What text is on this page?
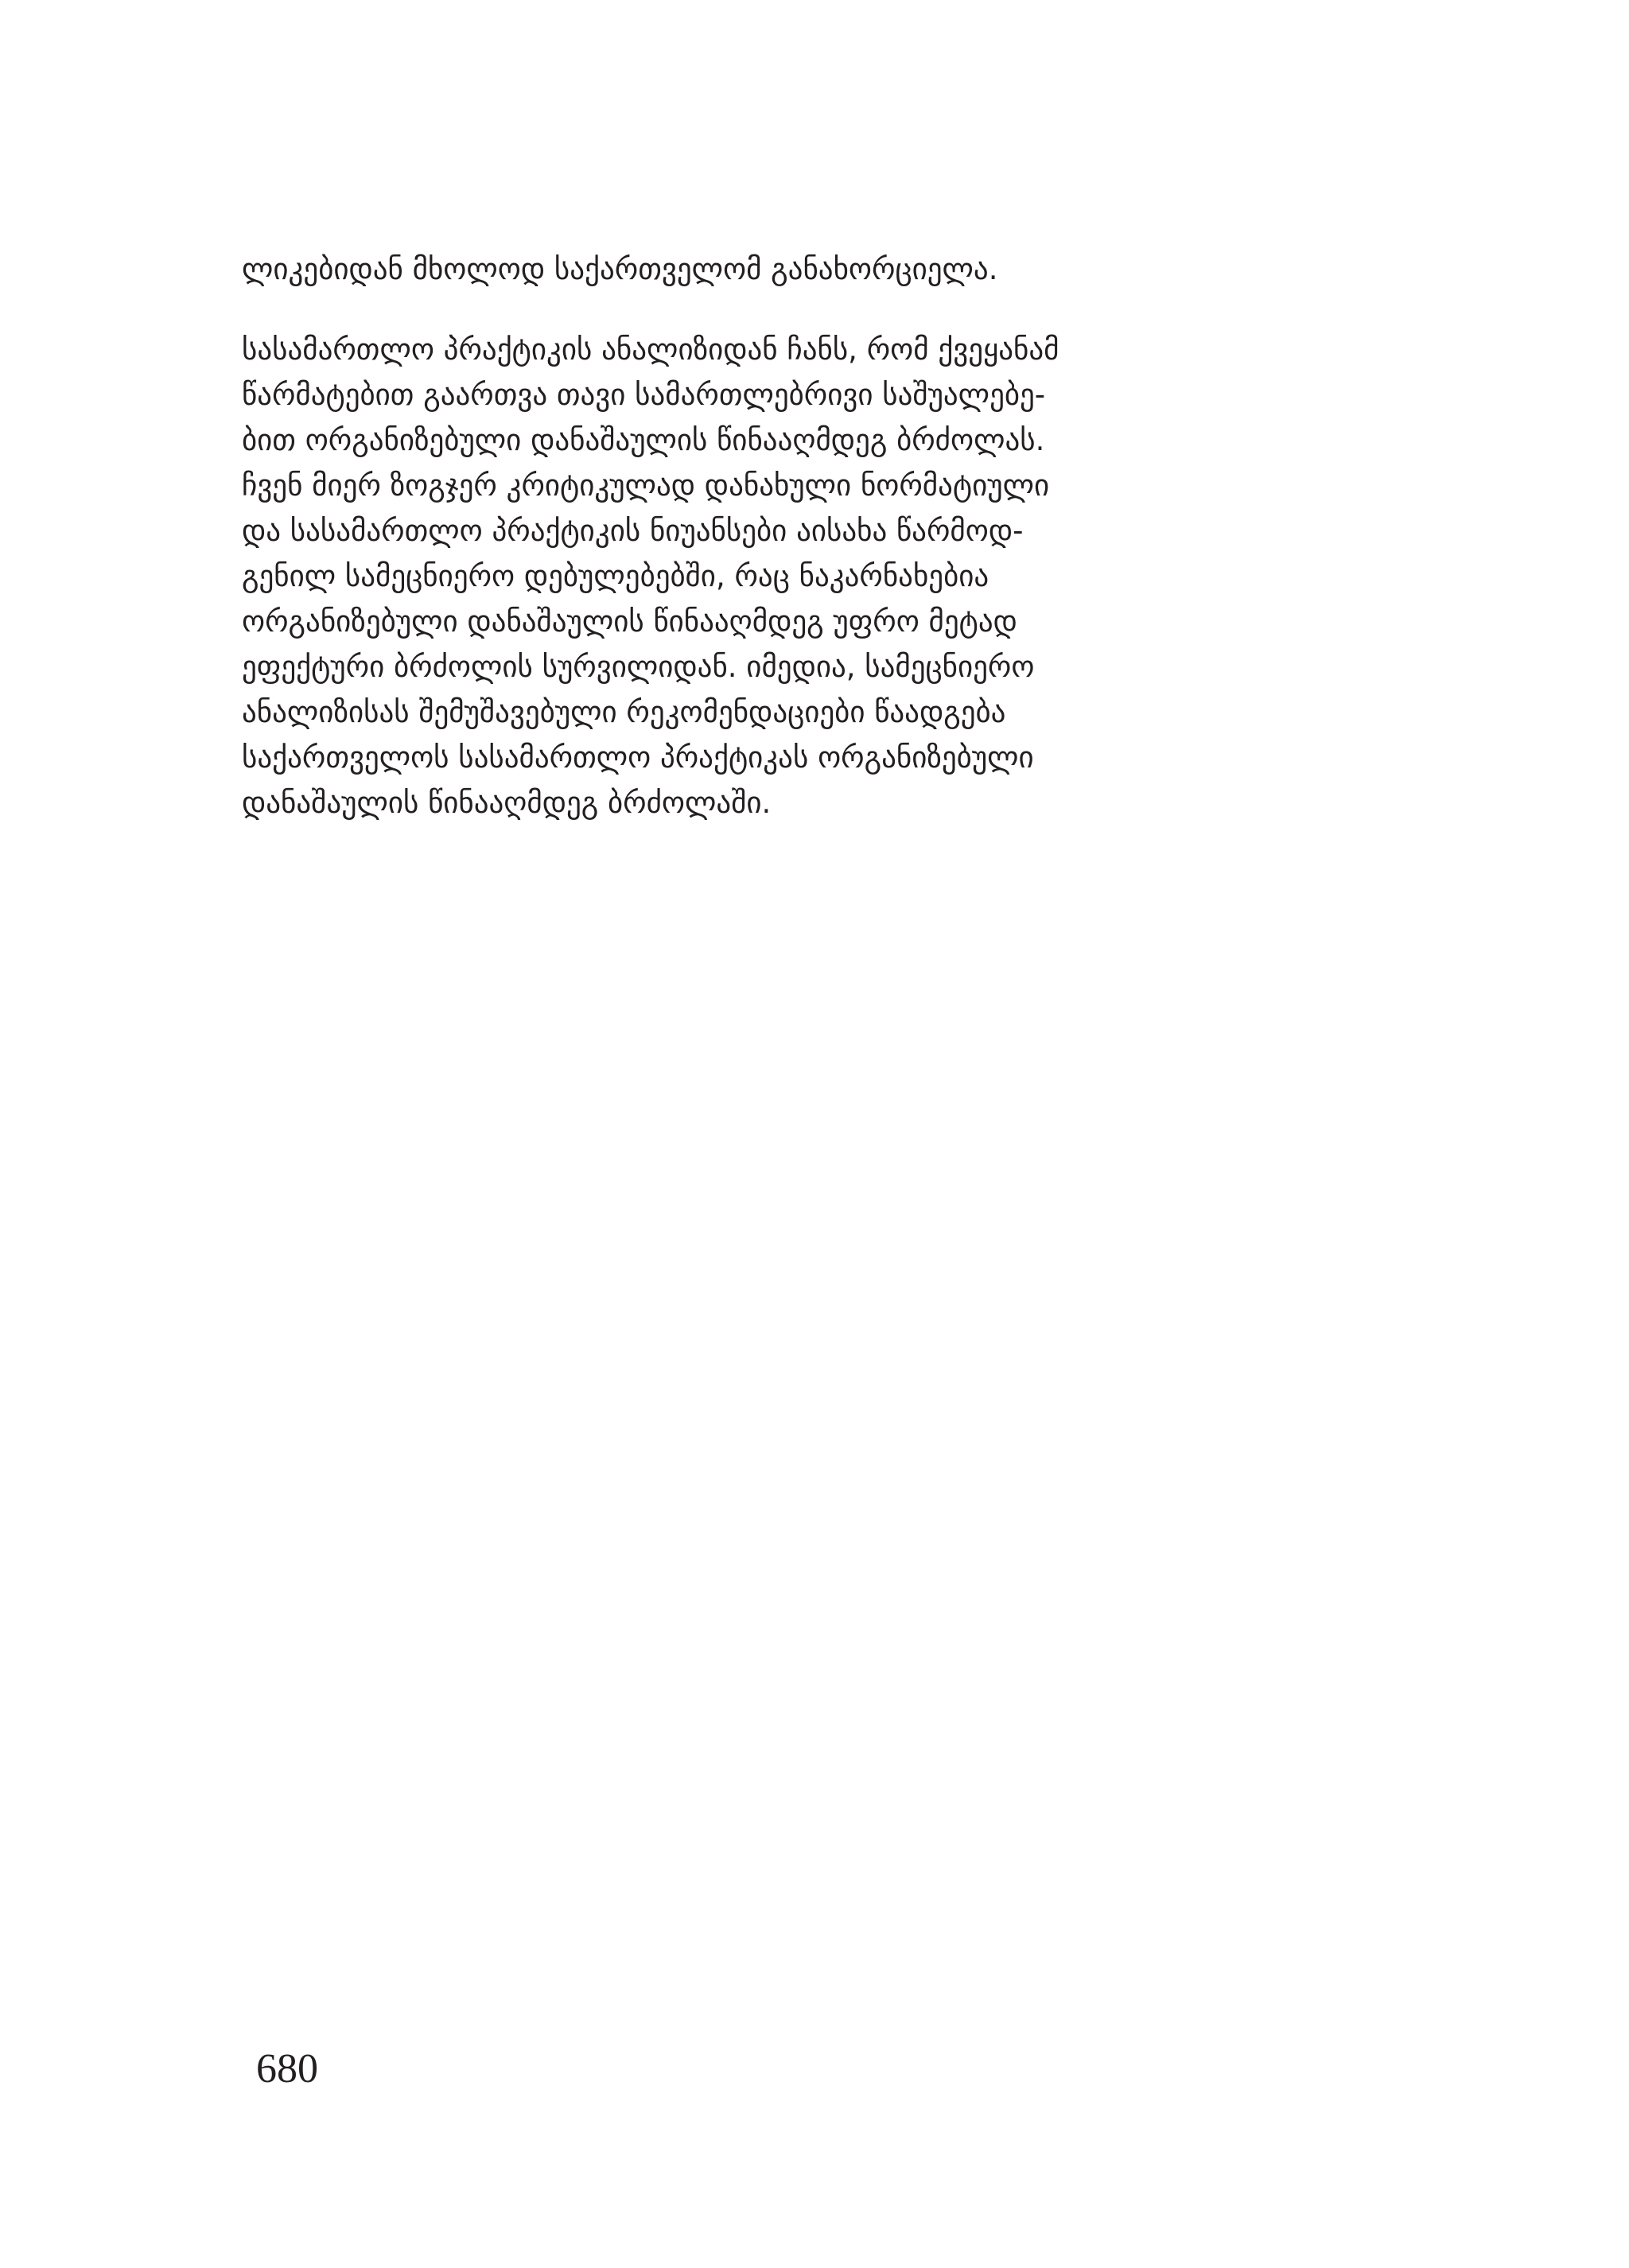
ლიკებიდან მხოლოდ საქართველომ განახორციელა.

სასამართლო პრაქტიკის ანალიზიდან ჩანს, რომ ქვეყანამ
წარმატებით გაართვა თავი სამართლებრივი საშუალებე-
ბით ორგანიზებული დანაშაულის წინააღმდეგ ბრძოლას.
ჩვენ მიერ ზოგჯერ კრიტიკულად დანახული ნორმატიული
და სასამართლო პრაქტიკის ნიუანსები აისახა წარმოდ-
გენილ სამეცნიერო დებულებებში, რაც ნაკარნახებია
ორგანიზებული დანაშაულის წინააღმდეგ უფრო მეტად
ეფექტური ბრძოლის სურვილიდან. იმედია, სამეცნიერო
ანალიზისას შემუშავებული რეკომენდაციები წაადგება
საქართველოს სასამართლო პრაქტიკას ორგანიზებული
დანაშაულის წინააღმდეგ ბრძოლაში.

680
